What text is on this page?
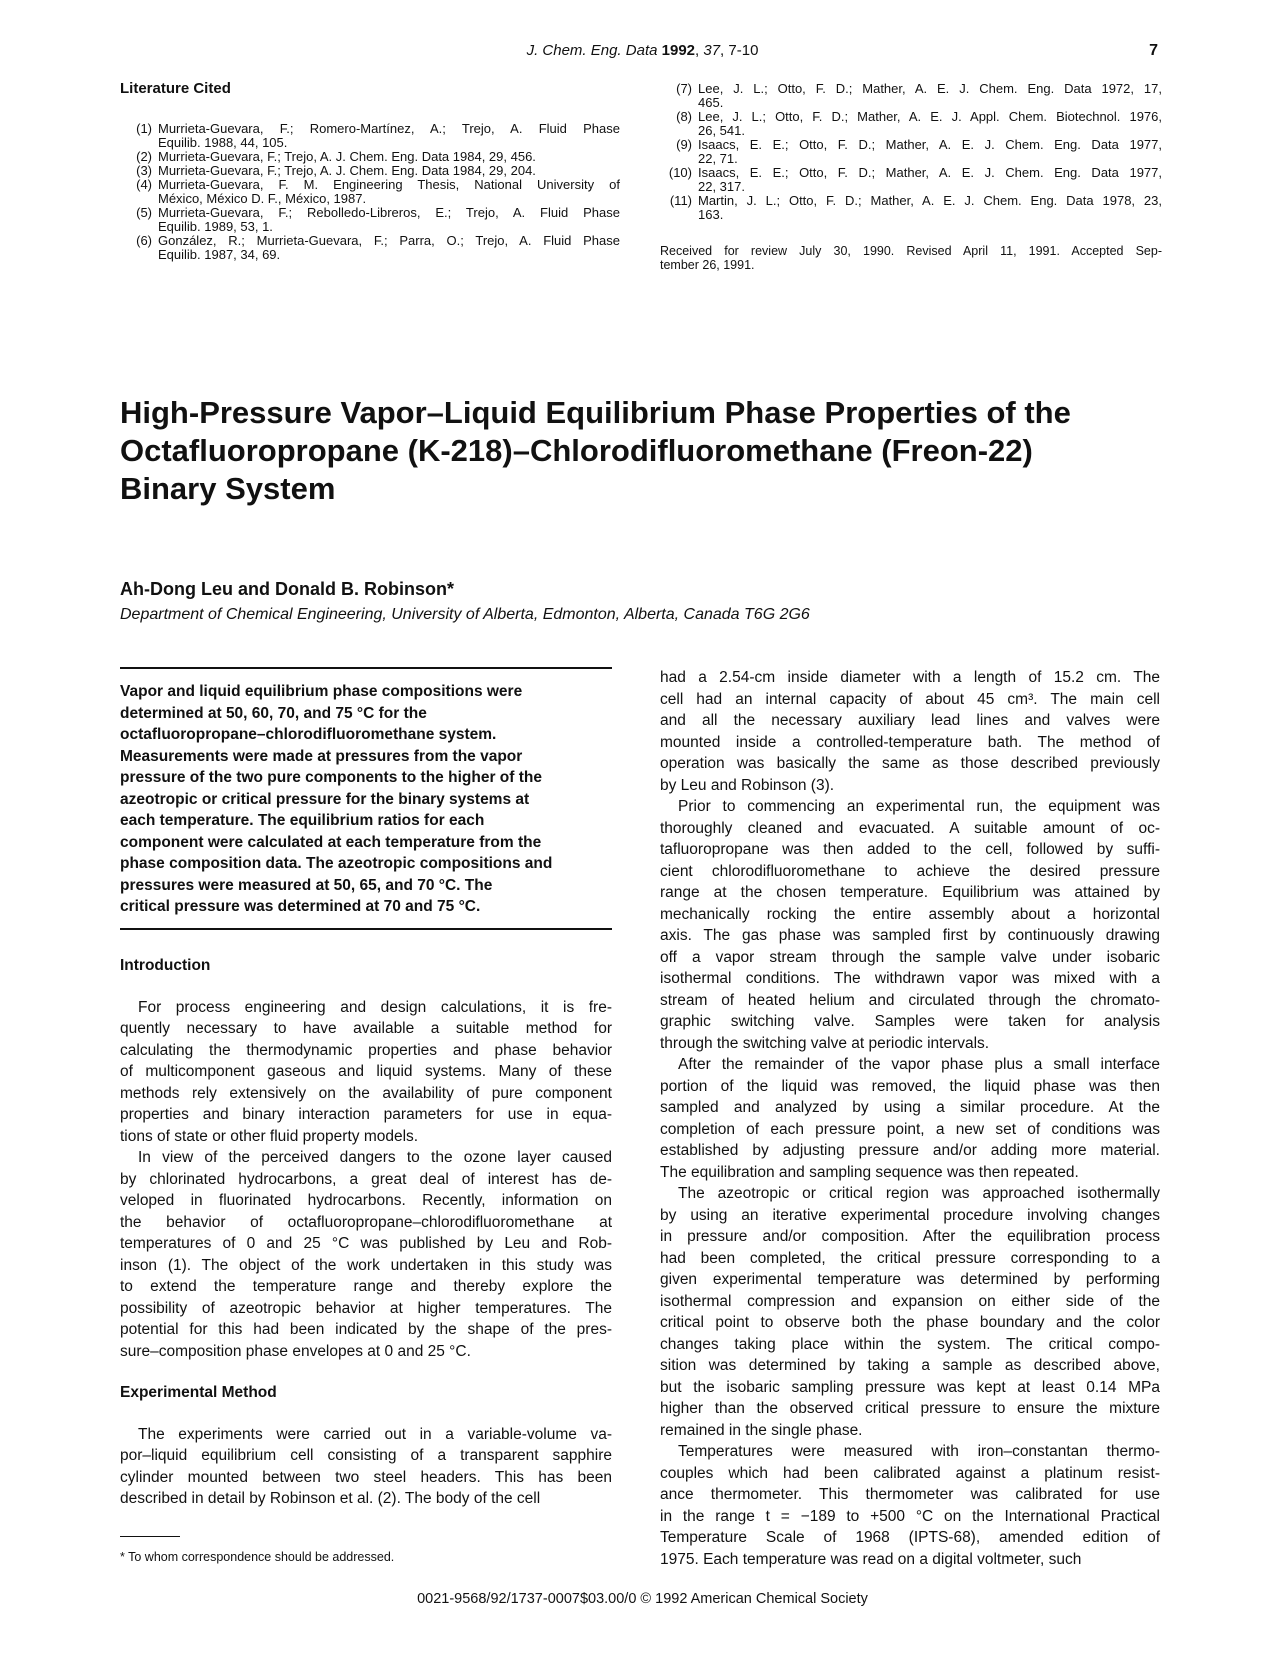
J. Chem. Eng. Data 1992, 37, 7-10	7
Literature Cited
(1) Murrieta-Guevara, F.; Romero-Martínez, A.; Trejo, A. Fluid Phase
Equilib. 1988, 44, 105.
(2) Murrieta-Guevara, F.; Trejo, A. J. Chem. Eng. Data 1984, 29, 456.
(3) Murrieta-Guevara, F.; Trejo, A. J. Chem. Eng. Data 1984, 29, 204.
(4) Murrieta-Guevara, F. M. Engineering Thesis, National University of
México, México D. F., México, 1987.
(5) Murrieta-Guevara, F.; Rebolledo-Libreros, E.; Trejo, A. Fluid Phase
Equilib. 1989, 53, 1.
(6) González, R.; Murrieta-Guevara, F.; Parra, O.; Trejo, A. Fluid Phase
Equilib. 1987, 34, 69.
(7) Lee, J. L.; Otto, F. D.; Mather, A. E. J. Chem. Eng. Data 1972, 17,
465.
(8) Lee, J. L.; Otto, F. D.; Mather, A. E. J. Appl. Chem. Biotechnol. 1976,
26, 541.
(9) Isaacs, E. E.; Otto, F. D.; Mather, A. E. J. Chem. Eng. Data 1977,
22, 71.
(10) Isaacs, E. E.; Otto, F. D.; Mather, A. E. J. Chem. Eng. Data 1977,
22, 317.
(11) Martin, J. L.; Otto, F. D.; Mather, A. E. J. Chem. Eng. Data 1978, 23,
163.
Received for review July 30, 1990. Revised April 11, 1991. Accepted Sep-
tember 26, 1991.
High-Pressure Vapor–Liquid Equilibrium Phase Properties of the
Octafluoropropane (K-218)–Chlorodifluoromethane (Freon-22)
Binary System
Ah-Dong Leu and Donald B. Robinson*
Department of Chemical Engineering, University of Alberta, Edmonton, Alberta, Canada T6G 2G6
Vapor and liquid equilibrium phase compositions were
determined at 50, 60, 70, and 75 °C for the
octafluoropropane–chlorodifluoromethane system.
Measurements were made at pressures from the vapor
pressure of the two pure components to the higher of the
azeotropic or critical pressure for the binary systems at
each temperature. The equilibrium ratios for each
component were calculated at each temperature from the
phase composition data. The azeotropic compositions and
pressures were measured at 50, 65, and 70 °C. The
critical pressure was determined at 70 and 75 °C.
Introduction
For process engineering and design calculations, it is fre-
quently necessary to have available a suitable method for
calculating the thermodynamic properties and phase behavior
of multicomponent gaseous and liquid systems. Many of these
methods rely extensively on the availability of pure component
properties and binary interaction parameters for use in equa-
tions of state or other fluid property models.
In view of the perceived dangers to the ozone layer caused
by chlorinated hydrocarbons, a great deal of interest has de-
veloped in fluorinated hydrocarbons. Recently, information on
the behavior of octafluoropropane–chlorodifluoromethane at
temperatures of 0 and 25 °C was published by Leu and Rob-
inson (1). The object of the work undertaken in this study was
to extend the temperature range and thereby explore the
possibility of azeotropic behavior at higher temperatures. The
potential for this had been indicated by the shape of the pres-
sure–composition phase envelopes at 0 and 25 °C.
Experimental Method
The experiments were carried out in a variable-volume va-
por–liquid equilibrium cell consisting of a transparent sapphire
cylinder mounted between two steel headers. This has been
described in detail by Robinson et al. (2). The body of the cell
had a 2.54-cm inside diameter with a length of 15.2 cm. The
cell had an internal capacity of about 45 cm³. The main cell
and all the necessary auxiliary lead lines and valves were
mounted inside a controlled-temperature bath. The method of
operation was basically the same as those described previously
by Leu and Robinson (3).
Prior to commencing an experimental run, the equipment was
thoroughly cleaned and evacuated. A suitable amount of oc-
tafluoropropane was then added to the cell, followed by suffi-
cient chlorodifluoromethane to achieve the desired pressure
range at the chosen temperature. Equilibrium was attained by
mechanically rocking the entire assembly about a horizontal
axis. The gas phase was sampled first by continuously drawing
off a vapor stream through the sample valve under isobaric
isothermal conditions. The withdrawn vapor was mixed with a
stream of heated helium and circulated through the chromato-
graphic switching valve. Samples were taken for analysis
through the switching valve at periodic intervals.
After the remainder of the vapor phase plus a small interface
portion of the liquid was removed, the liquid phase was then
sampled and analyzed by using a similar procedure. At the
completion of each pressure point, a new set of conditions was
established by adjusting pressure and/or adding more material.
The equilibration and sampling sequence was then repeated.
The azeotropic or critical region was approached isothermally
by using an iterative experimental procedure involving changes
in pressure and/or composition. After the equilibration process
had been completed, the critical pressure corresponding to a
given experimental temperature was determined by performing
isothermal compression and expansion on either side of the
critical point to observe both the phase boundary and the color
changes taking place within the system. The critical compo-
sition was determined by taking a sample as described above,
but the isobaric sampling pressure was kept at least 0.14 MPa
higher than the observed critical pressure to ensure the mixture
remained in the single phase.
Temperatures were measured with iron–constantan thermo-
couples which had been calibrated against a platinum resist-
ance thermometer. This thermometer was calibrated for use
in the range t = −189 to +500 °C on the International Practical
Temperature Scale of 1968 (IPTS-68), amended edition of
1975. Each temperature was read on a digital voltmeter, such
* To whom correspondence should be addressed.
0021-9568/92/1737-0007$03.00/0 © 1992 American Chemical Society
